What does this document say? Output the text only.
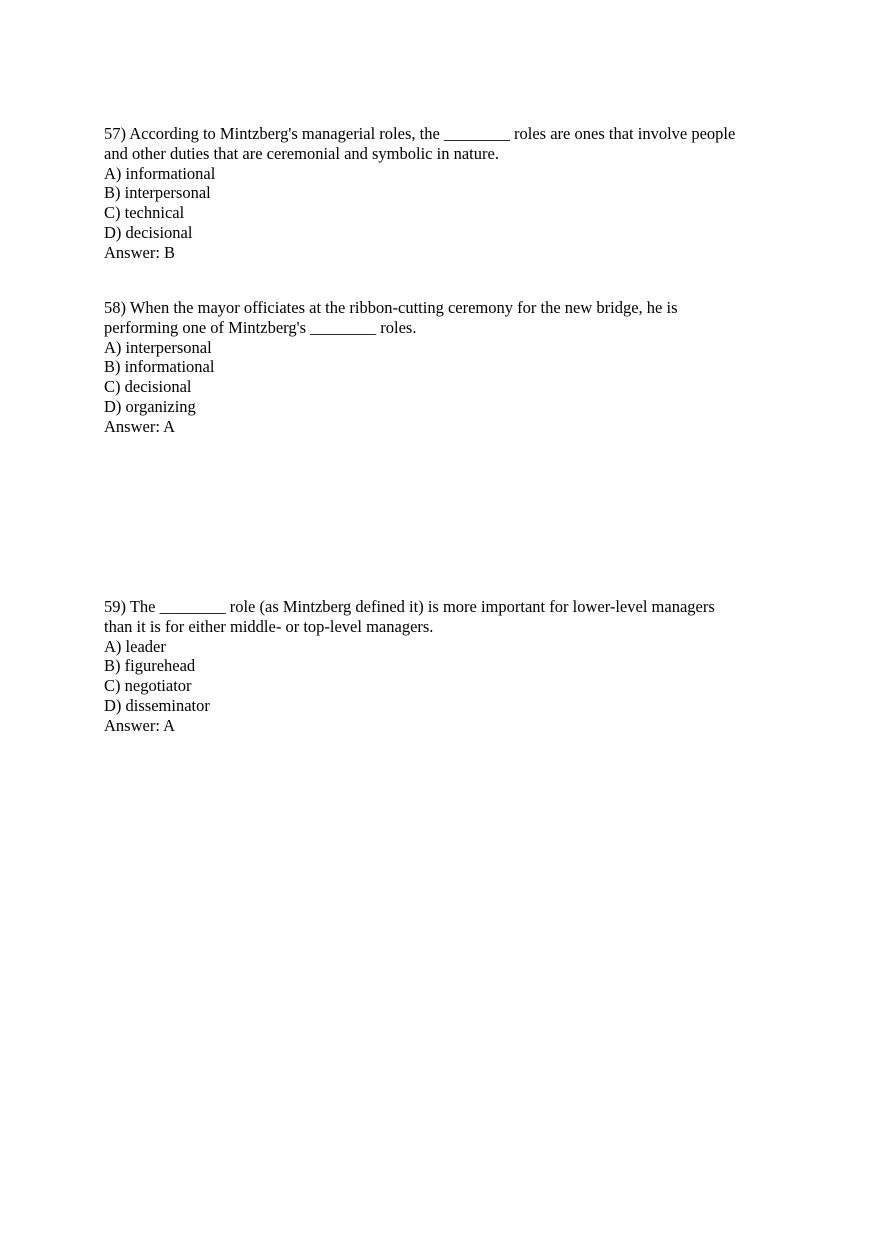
57) According to Mintzberg's managerial roles, the ________ roles are ones that involve people
and other duties that are ceremonial and symbolic in nature.
A) informational
B) interpersonal
C) technical
D) decisional
Answer: B
58) When the mayor officiates at the ribbon-cutting ceremony for the new bridge, he is
performing one of Mintzberg's ________ roles.
A) interpersonal
B) informational
C) decisional
D) organizing
Answer: A
59) The ________ role (as Mintzberg defined it) is more important for lower-level managers
than it is for either middle- or top-level managers.
A) leader
B) figurehead
C) negotiator
D) disseminator
Answer: A
